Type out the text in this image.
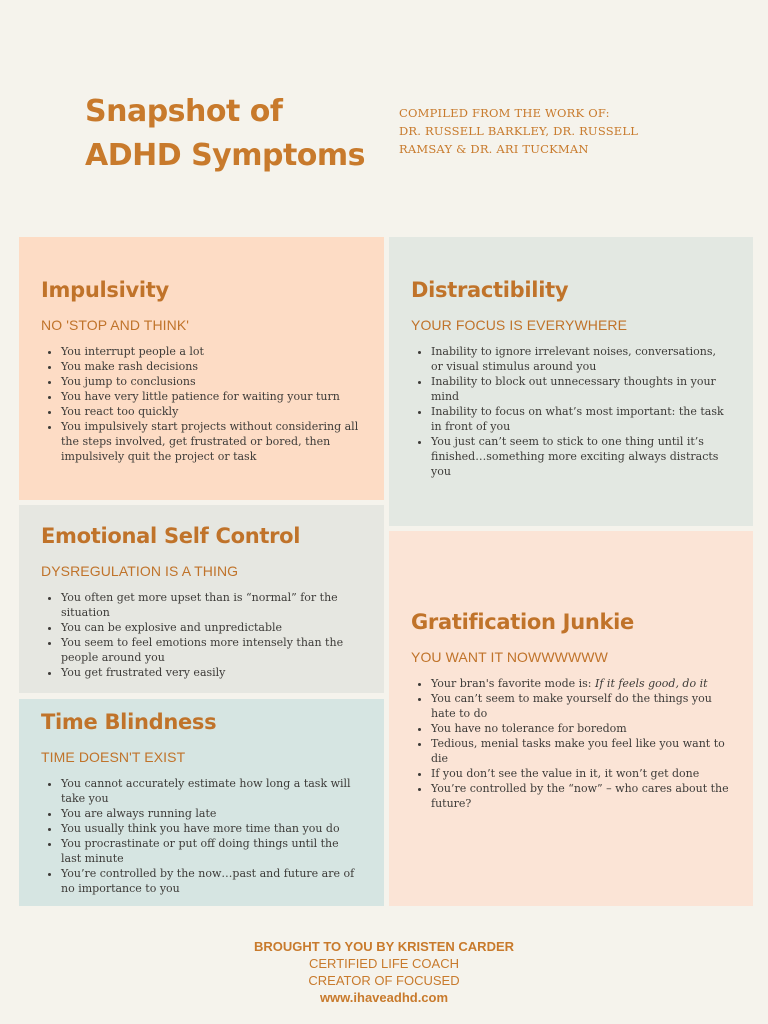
Snapshot of
ADHD Symptoms
COMPILED FROM THE WORK OF:
DR. RUSSELL BARKLEY, DR. RUSSELL
RAMSAY & DR. ARI TUCKMAN
Impulsivity
NO 'STOP AND THINK'
• You interrupt people a lot
• You make rash decisions
• You jump to conclusions
• You have very little patience for waiting your turn
• You react too quickly
• You impulsively start projects without considering all the steps involved, get frustrated or bored, then impulsively quit the project or task
Distractibility
YOUR FOCUS IS EVERYWHERE
• Inability to ignore irrelevant noises, conversations, or visual stimulus around you
• Inability to block out unnecessary thoughts in your mind
• Inability to focus on what’s most important: the task in front of you
• You just can’t seem to stick to one thing until it’s finished…something more exciting always distracts you
Emotional Self Control
DYSREGULATION IS A THING
• You often get more upset than is “normal” for the situation
• You can be explosive and unpredictable
• You seem to feel emotions more intensely than the people around you
• You get frustrated very easily
Time Blindness
TIME DOESN'T EXIST
• You cannot accurately estimate how long a task will take you
• You are always running late
• You usually think you have more time than you do
• You procrastinate or put off doing things until the last minute
• You’re controlled by the now…past and future are of no importance to you
Gratification Junkie
YOU WANT IT NOWWWWWW
• Your bran's favorite mode is: If it feels good, do it
• You can’t seem to make yourself do the things you hate to do
• You have no tolerance for boredom
• Tedious, menial tasks make you feel like you want to die
• If you don’t see the value in it, it won’t get done
• You’re controlled by the “now” – who cares about the future?
BROUGHT TO YOU BY KRISTEN CARDER
CERTIFIED LIFE COACH
CREATOR OF FOCUSED
www.ihaveadhd.com
